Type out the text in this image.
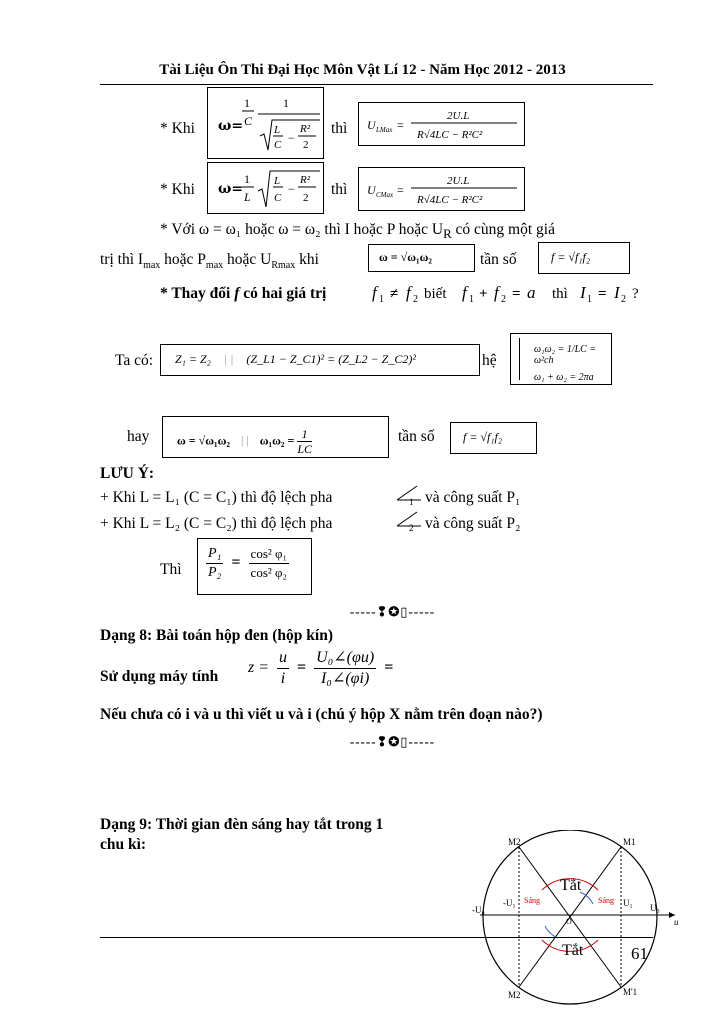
Tài Liệu Ôn Thi Đại Học Môn Vật Lí 12 - Năm Học 2012 - 2013
* Khi ω=
1
C
1
L
C −
R²
2
thì U LMax =
2U.L
R√4LC − R²C²
* Khi ω=
1
L
L
C
−
R²
2 thì U CMax =
2U.L
R√4LC − R²C²
* Với ω = ω₁ hoặc ω = ω₂ thì I hoặc P hoặc $U_R$ có cùng một giá
trị thì $I_{max}$ hoặc $P_{max}$ hoặc $U_{Rmax}$ khi	ω = √ω₁ω₂	tần số	f = √f₁f₂
* Thay đổi f có hai giá trị	f 1 ≠ f 2 biết f 1 + f 2 = a thì I 1 = I 2 ?
Ta có:	Z₁ = Z₂ | | (Z_L1 − Z_C1)² = (Z_L2 − Z_C2)²	hệ
ω₁ω₂ = 1/LC = ω²ch
ω₁ + ω₂ = 2πa
hay	ω = √ω₁ω₂ | | $\omega_1\omega_2 = \frac{1}{LC}$	tần số	f = √f₁f₂
LƯU Ý:
+ Khi L = L₁ (C = C₁) thì độ lệch pha	1 và công suất P₁
+ Khi L = L₂ (C = C₂) thì độ lệch pha	2 và công suất P₂
Thì $\frac{\text{P₁}}{\text{P₂}} = \frac{\text{cos² φ₁}}{\text{cos² φ₂}}$
-----❢✪▯-----
Dạng 8: Bài toán hộp đen (hộp kín)
Sử dụng máy tính
$z = \frac{u}{i} = \frac{\text{U₀∠(φu)}}{\text{I₀∠(φi)}}$ =
Nếu chưa có i và u thì viết u và i (chú ý hộp X nằm trên đoạn nào?)
-----❢✪▯-----
Dạng 9: Thời gian đèn sáng hay tắt trong 1
chu kì:	M2	M1
M2	M'1
Tắt
Tắt
Sáng	Sáng
-U₀
-U₁	U₁ U₀
O	u
61
